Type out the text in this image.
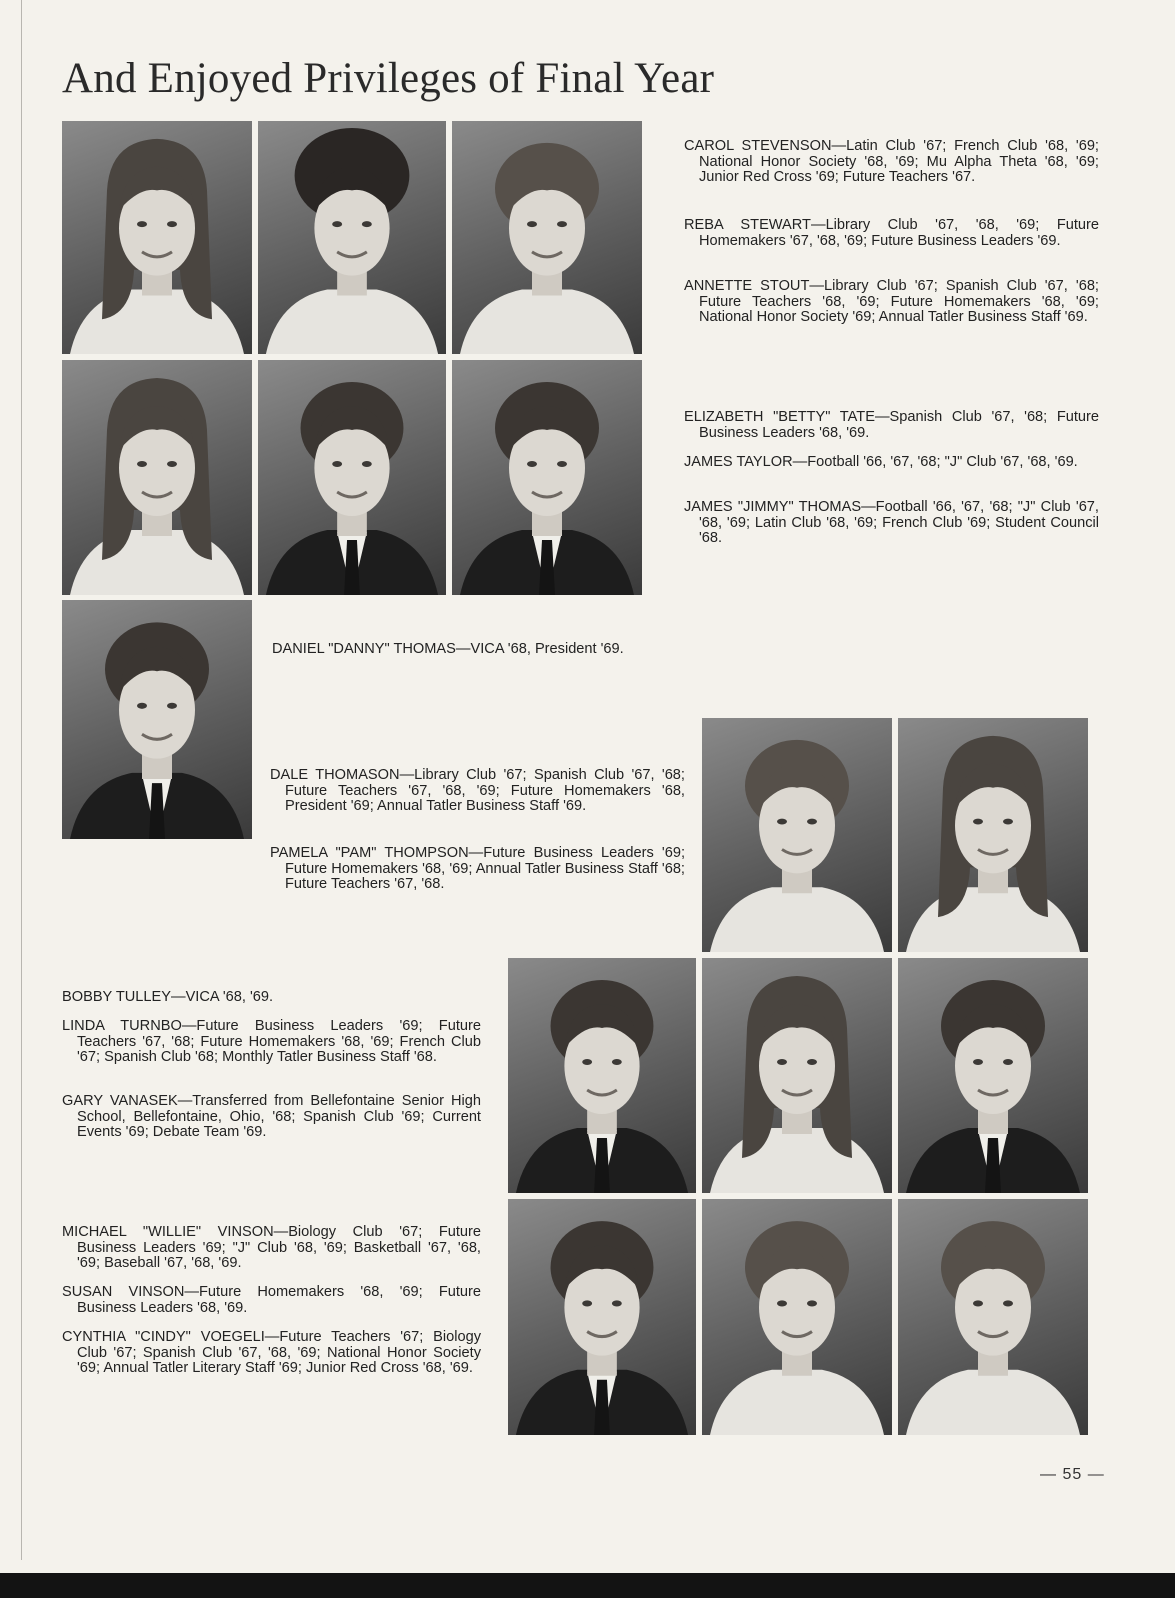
And Enjoyed Privileges of Final Year

CAROL STEVENSON—Latin Club '67; French Club '68, '69; National Honor Society '68, '69; Mu Alpha Theta '68, '69; Junior Red Cross '69; Future Teachers '67.

REBA STEWART—Library Club '67, '68, '69; Future Homemakers '67, '68, '69; Future Business Leaders '69.

ANNETTE STOUT—Library Club '67; Spanish Club '67, '68; Future Teachers '68, '69; Future Homemakers '68, '69; National Honor Society '69; Annual Tatler Business Staff '69.

ELIZABETH "BETTY" TATE—Spanish Club '67, '68; Future Business Leaders '68, '69.

JAMES TAYLOR—Football '66, '67, '68; "J" Club '67, '68, '69.

JAMES "JIMMY" THOMAS—Football '66, '67, '68; "J" Club '67, '68, '69; Latin Club '68, '69; French Club '69; Student Council '68.

DANIEL "DANNY" THOMAS—VICA '68, President '69.

DALE THOMASON—Library Club '67; Spanish Club '67, '68; Future Teachers '67, '68, '69; Future Homemakers '68, President '69; Annual Tatler Business Staff '69.

PAMELA "PAM" THOMPSON—Future Business Leaders '69; Future Homemakers '68, '69; Annual Tatler Business Staff '68; Future Teachers '67, '68.

BOBBY TULLEY—VICA '68, '69.

LINDA TURNBO—Future Business Leaders '69; Future Teachers '67, '68; Future Homemakers '68, '69; French Club '67; Spanish Club '68; Monthly Tatler Business Staff '68.

GARY VANASEK—Transferred from Bellefontaine Senior High School, Bellefontaine, Ohio, '68; Spanish Club '69; Current Events '69; Debate Team '69.

MICHAEL "WILLIE" VINSON—Biology Club '67; Future Business Leaders '69; "J" Club '68, '69; Basketball '67, '68, '69; Baseball '67, '68, '69.

SUSAN VINSON—Future Homemakers '68, '69; Future Business Leaders '68, '69.

CYNTHIA "CINDY" VOEGELI—Future Teachers '67; Biology Club '67; Spanish Club '67, '68, '69; National Honor Society '69; Annual Tatler Literary Staff '69; Junior Red Cross '68, '69.

— 55 —
